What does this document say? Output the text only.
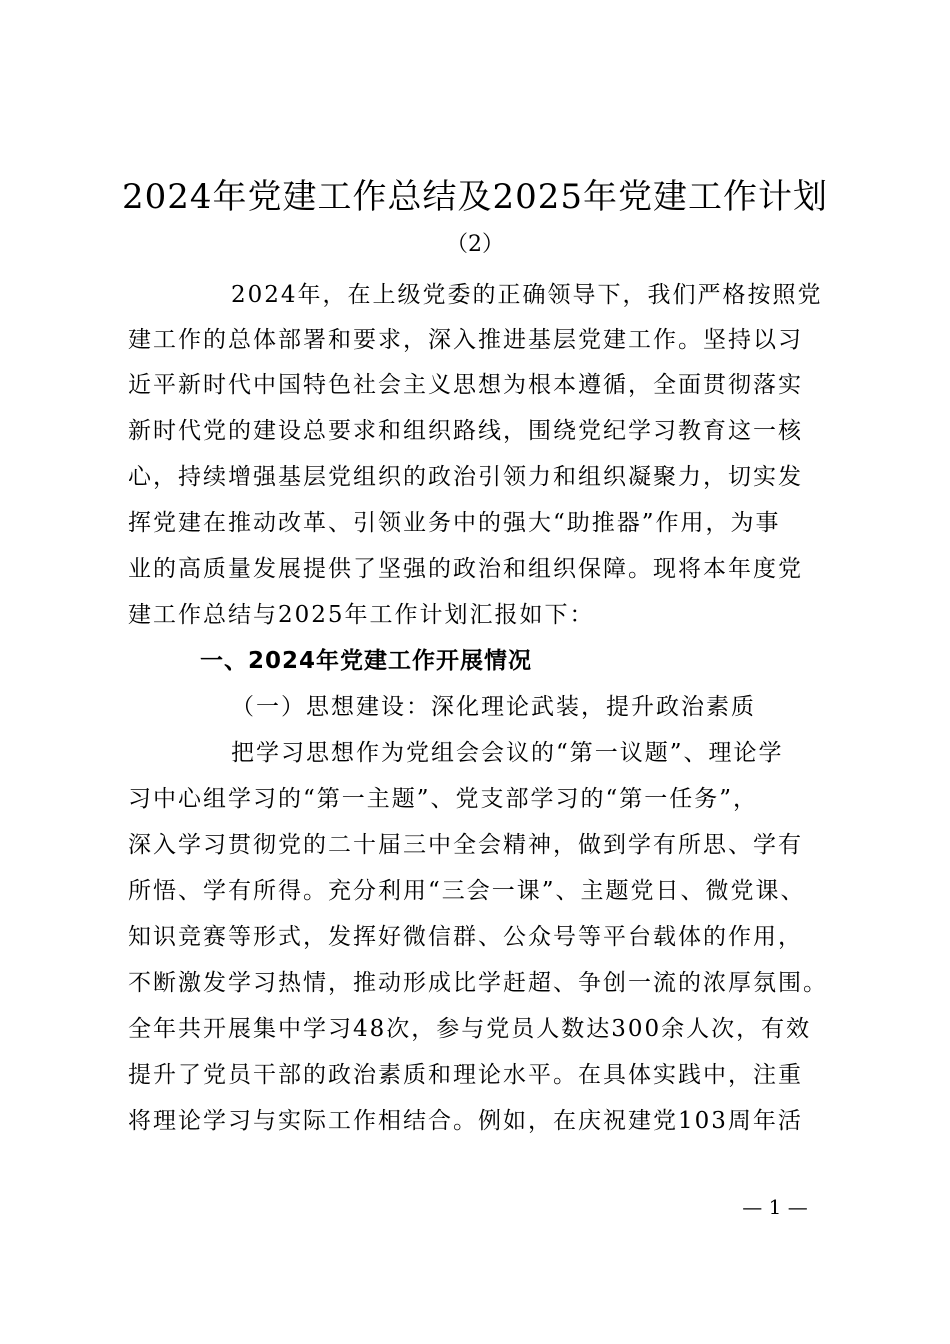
2024年党建工作总结及2025年党建工作计划
（2）
2024年，在上级党委的正确领导下，我们严格按照党
建工作的总体部署和要求，深入推进基层党建工作。坚持以习
近平新时代中国特色社会主义思想为根本遵循，全面贯彻落实
新时代党的建设总要求和组织路线，围绕党纪学习教育这一核
心，持续增强基层党组织的政治引领力和组织凝聚力，切实发
挥党建在推动改革、引领业务中的强大“助推器”作用，为事
业的高质量发展提供了坚强的政治和组织保障。现将本年度党
建工作总结与2025年工作计划汇报如下：
一、2024年党建工作开展情况
（一）思想建设：深化理论武装，提升政治素质
把学习思想作为党组会会议的“第一议题”、理论学
习中心组学习的“第一主题”、党支部学习的“第一任务”，
深入学习贯彻党的二十届三中全会精神，做到学有所思、学有
所悟、学有所得。充分利用“三会一课”、主题党日、微党课、
知识竞赛等形式，发挥好微信群、公众号等平台载体的作用，
不断激发学习热情，推动形成比学赶超、争创一流的浓厚氛围。
全年共开展集中学习48次，参与党员人数达300余人次，有效
提升了党员干部的政治素质和理论水平。在具体实践中，注重
将理论学习与实际工作相结合。例如，在庆祝建党103周年活
— 1 —
